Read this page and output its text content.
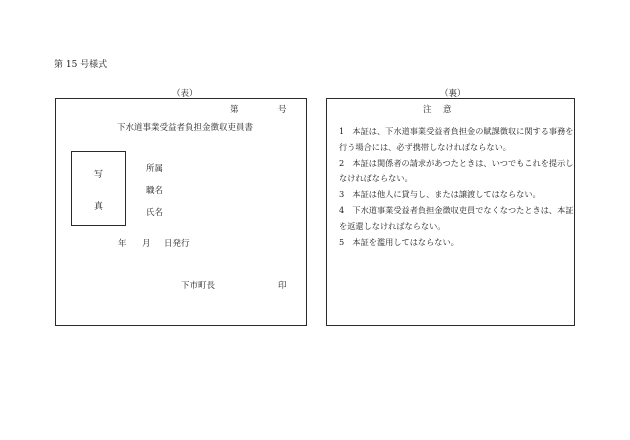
第 15 号様式
（表）	（裏）
第	号
下水道事業受益者負担金徴収吏員書
写
真
所属
職名
氏名
年 月 日発行
下市町長	印
注 意
1　本証は、下水道事業受益者負担金の賦課徴収に関する事務を
行う場合には、必ず携帯しなければならない。
2　本証は関係者の請求があつたときは、いつでもこれを提示し
なければならない。
3　本証は他人に貸与し、または譲渡してはならない。
4　下水道事業受益者負担金徴収吏員でなくなつたときは、本証
を返還しなければならない。
5　本証を濫用してはならない。
